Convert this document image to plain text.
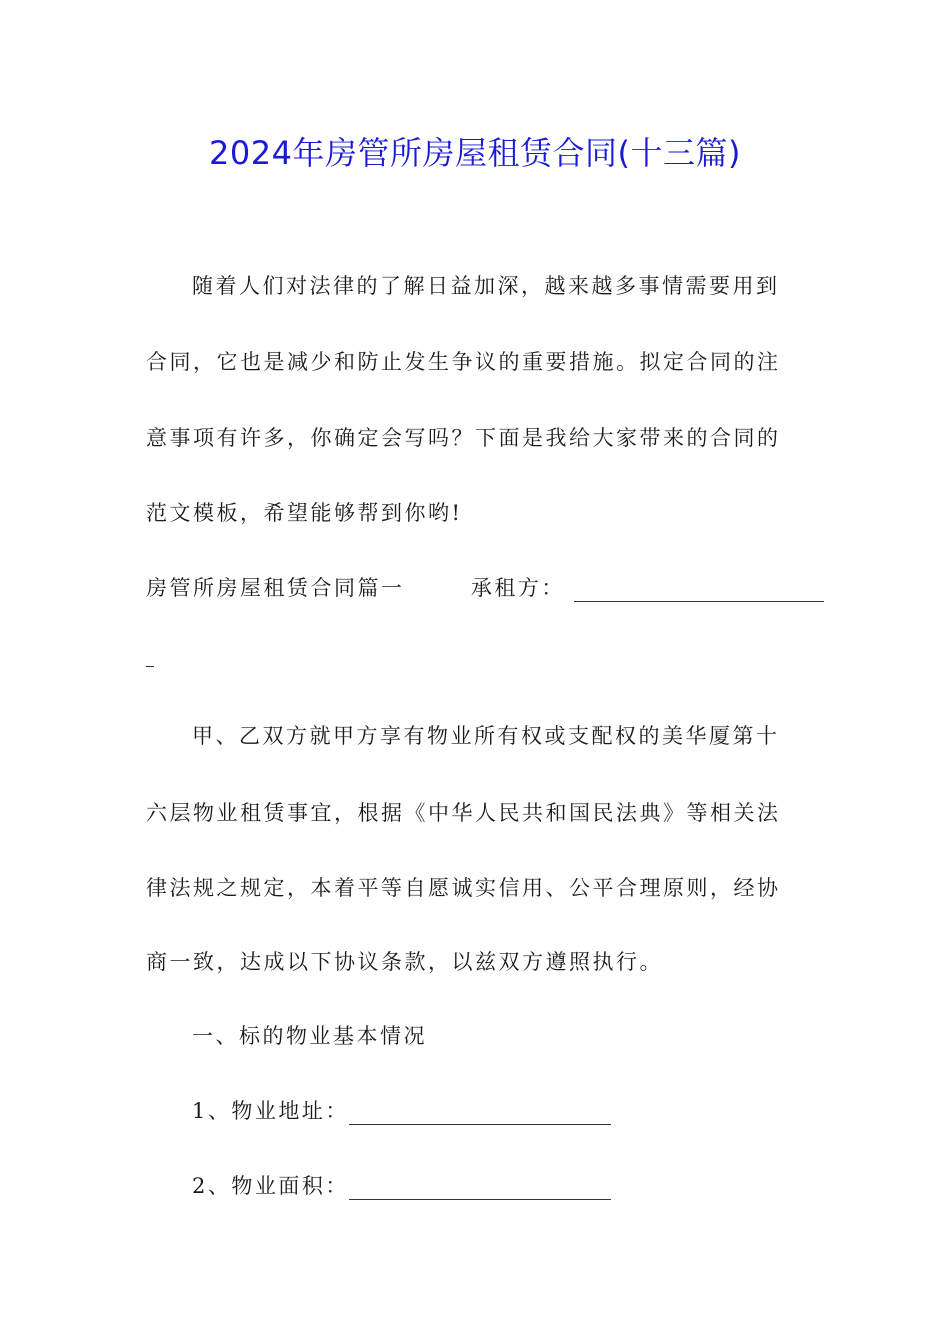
2024年房管所房屋租赁合同(十三篇)
随着人们对法律的了解日益加深，越来越多事情需要用到
合同，它也是减少和防止发生争议的重要措施。拟定合同的注
意事项有许多，你确定会写吗？下面是我给大家带来的合同的
范文模板，希望能够帮到你哟!
房管所房屋租赁合同篇一	承租方：
甲、乙双方就甲方享有物业所有权或支配权的美华厦第十
六层物业租赁事宜，根据《中华人民共和国民法典》等相关法
律法规之规定，本着平等自愿诚实信用、公平合理原则，经协
商一致，达成以下协议条款，以兹双方遵照执行。
一、标的物业基本情况
1、物业地址：
2、物业面积：
